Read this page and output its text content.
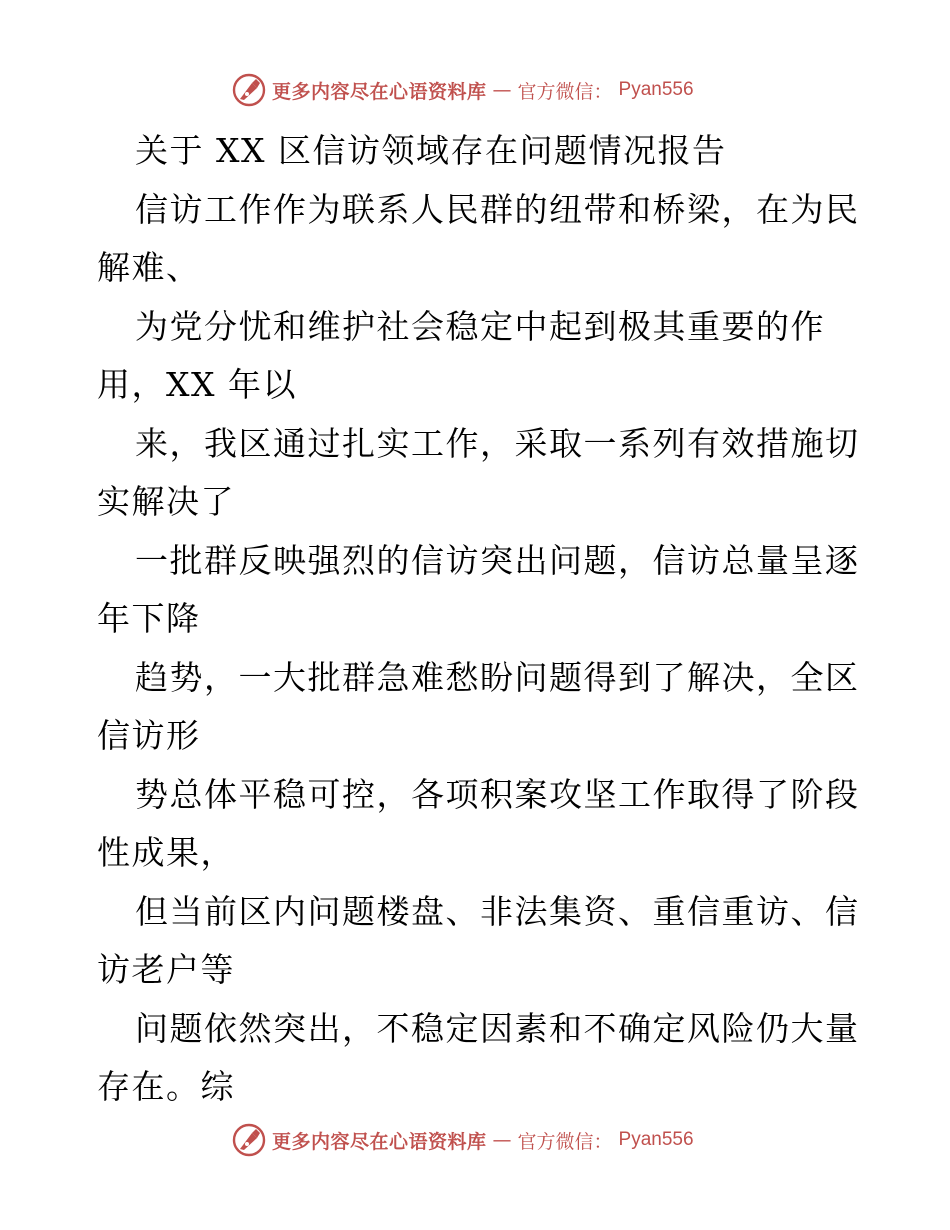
更多内容尽在心语资料库 — 官方微信： Pyan556
关于 XX 区信访领域存在问题情况报告
信访工作作为联系人民群的纽带和桥梁，在为民
解难、
为党分忧和维护社会稳定中起到极其重要的作
用，XX 年以
来，我区通过扎实工作，采取一系列有效措施切
实解决了
一批群反映强烈的信访突出问题，信访总量呈逐
年下降
趋势，一大批群急难愁盼问题得到了解决，全区
信访形
势总体平稳可控，各项积案攻坚工作取得了阶段
性成果，
但当前区内问题楼盘、非法集资、重信重访、信
访老户等
问题依然突出，不稳定因素和不确定风险仍大量
存在。综
更多内容尽在心语资料库 — 官方微信： Pyan556
